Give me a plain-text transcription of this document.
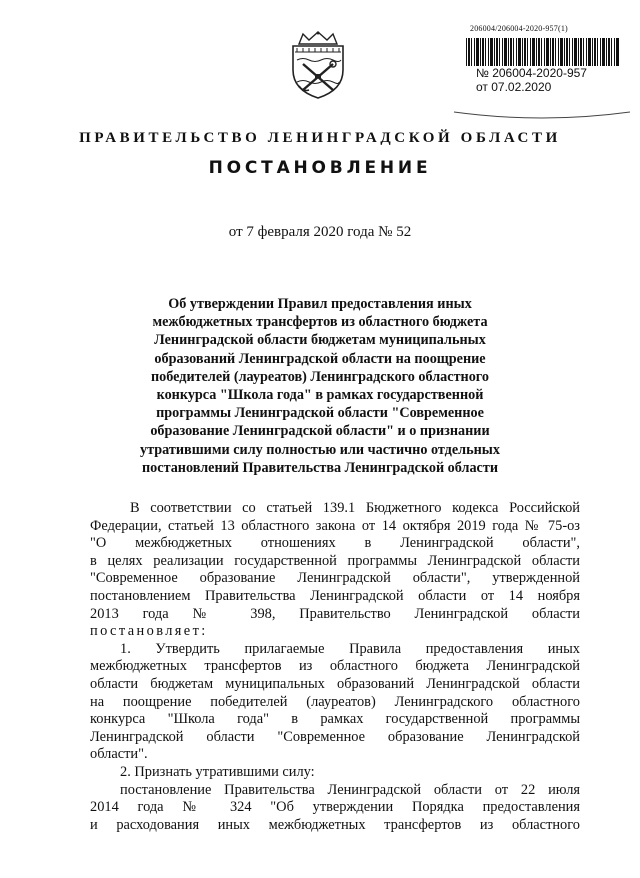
206004/206004-2020-957(1)
№ 206004-2020-957
от 07.02.2020
ПРАВИТЕЛЬСТВО ЛЕНИНГРАДСКОЙ ОБЛАСТИ
ПОСТАНОВЛЕНИЕ
от 7 февраля 2020 года № 52
Об утверждении Правил предоставления иных
межбюджетных трансфертов из областного бюджета
Ленинградской области бюджетам муниципальных
образований Ленинградской области на поощрение
победителей (лауреатов) Ленинградского областного
конкурса "Школа года" в рамках государственной
программы Ленинградской области "Современное
образование Ленинградской области" и о признании
утратившими силу полностью или частично отдельных
постановлений Правительства Ленинградской области
В соответствии со статьей 139.1 Бюджетного кодекса Российской
Федерации, статьей 13 областного закона от 14 октября 2019 года № 75-оз
"О межбюджетных отношениях в Ленинградской области",
в целях реализации государственной программы Ленинградской области
"Современное образование Ленинградской области", утвержденной
постановлением Правительства Ленинградской области от 14 ноября
2013 года № 398, Правительство Ленинградской области
постановляет:
1. Утвердить прилагаемые Правила предоставления иных
межбюджетных трансфертов из областного бюджета Ленинградской
области бюджетам муниципальных образований Ленинградской области
на поощрение победителей (лауреатов) Ленинградского областного
конкурса "Школа года" в рамках государственной программы
Ленинградской области "Современное образование Ленинградской
области".
2. Признать утратившими силу:
постановление Правительства Ленинградской области от 22 июля
2014 года № 324 "Об утверждении Порядка предоставления
и расходования иных межбюджетных трансфертов из областного
